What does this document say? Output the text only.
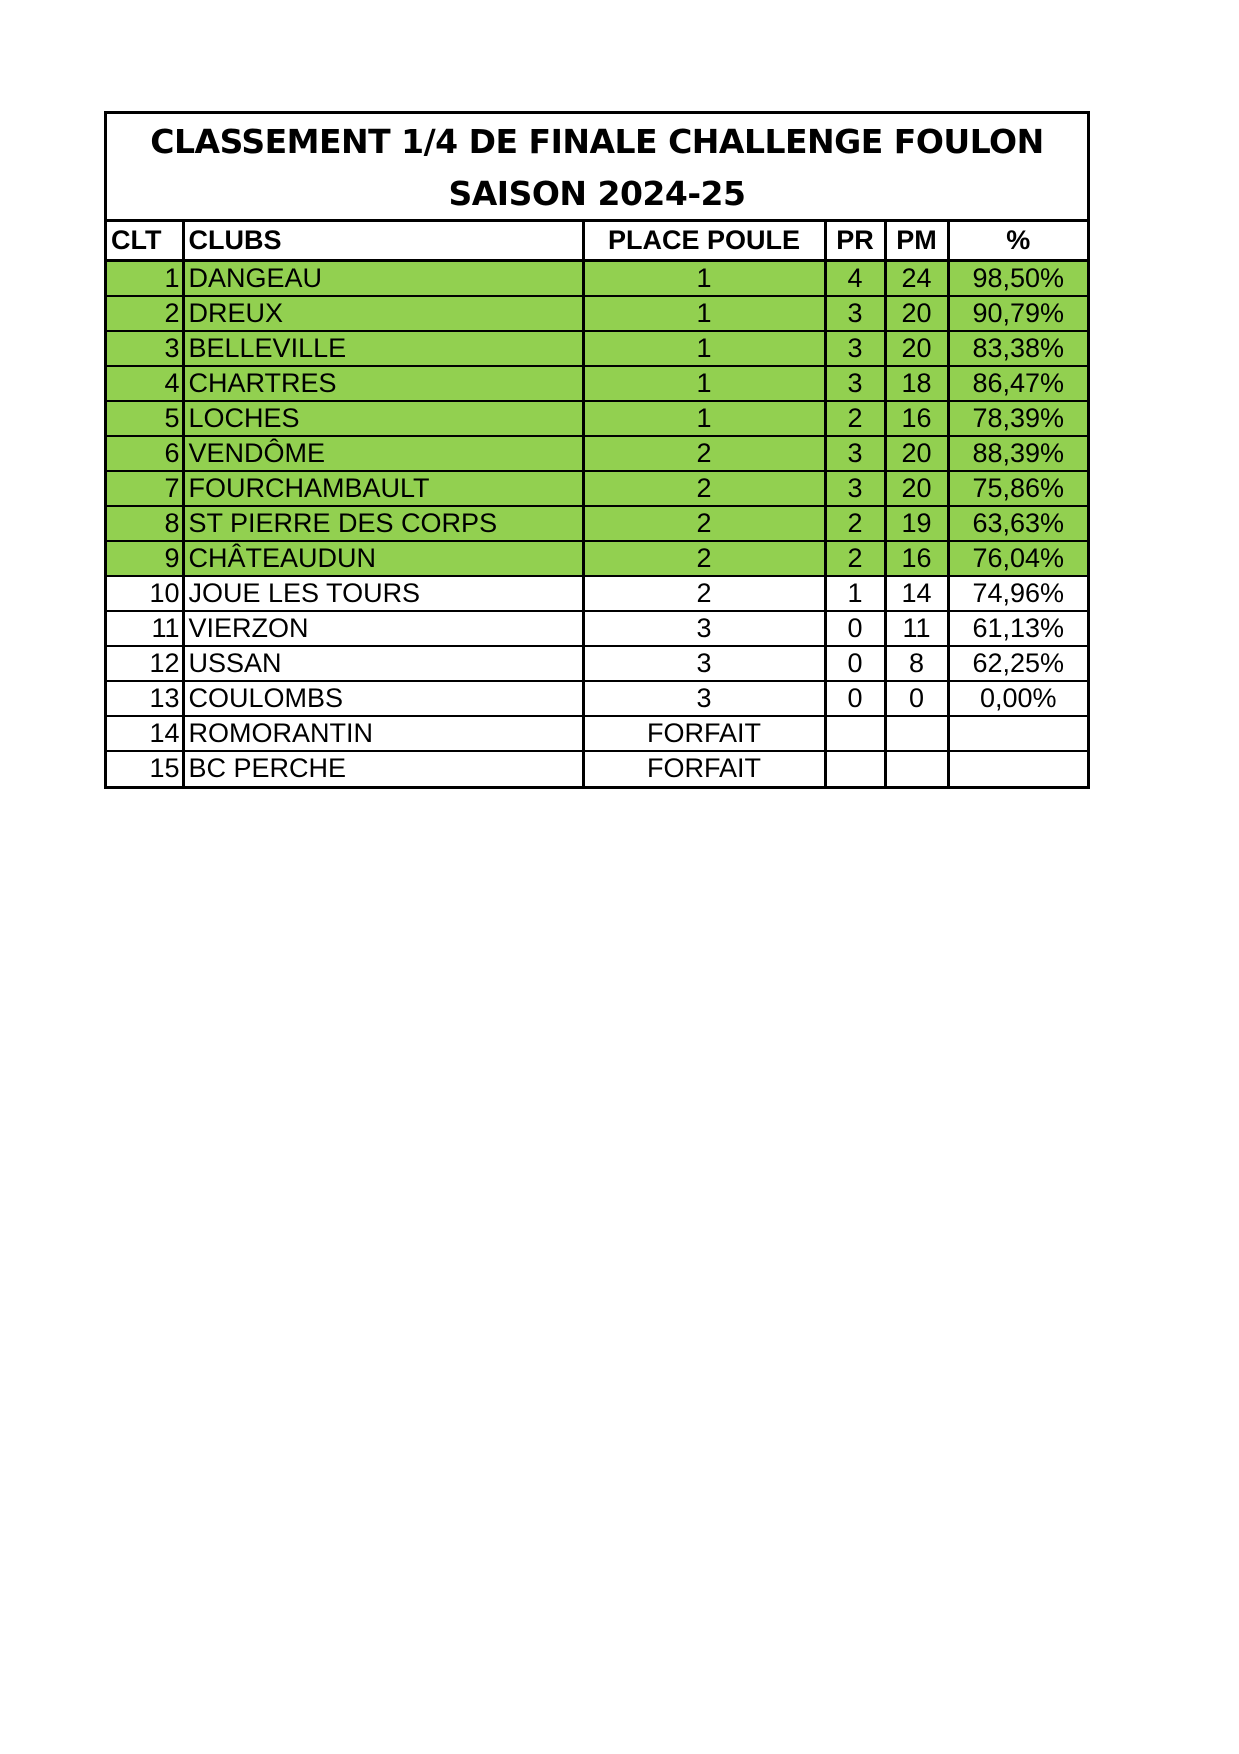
CLASSEMENT 1/4 DE FINALE CHALLENGE FOULON
SAISON 2024-25
CLT	CLUBS	PLACE POULE	PR	PM	%
1	DANGEAU	1	4	24	98,50%
2	DREUX	1	3	20	90,79%
3	BELLEVILLE	1	3	20	83,38%
4	CHARTRES	1	3	18	86,47%
5	LOCHES	1	2	16	78,39%
6	VENDÔME	2	3	20	88,39%
7	FOURCHAMBAULT	2	3	20	75,86%
8	ST PIERRE DES CORPS	2	2	19	63,63%
9	CHÂTEAUDUN	2	2	16	76,04%
10	JOUE LES TOURS	2	1	14	74,96%
11	VIERZON	3	0	11	61,13%
12	USSAN	3	0	8	62,25%
13	COULOMBS	3	0	0	0,00%
14	ROMORANTIN	FORFAIT			
15	BC PERCHE	FORFAIT			
